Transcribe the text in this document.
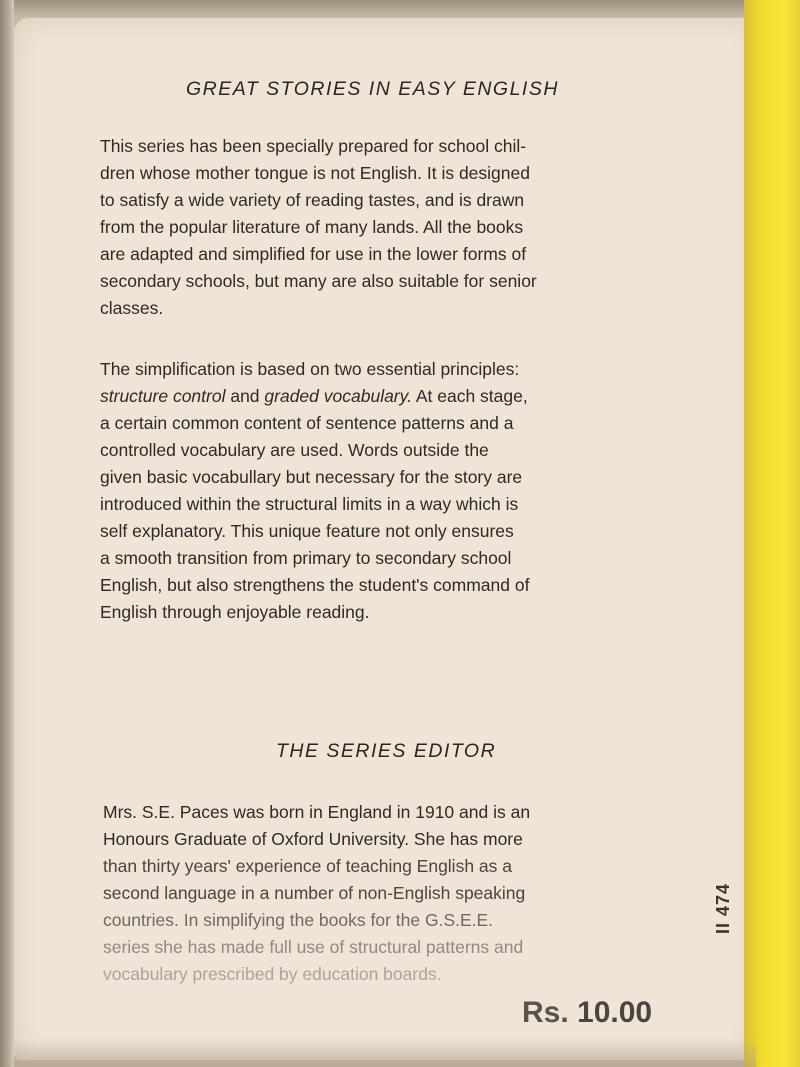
GREAT STORIES IN EASY ENGLISH
This series has been specially prepared for school chil-
dren whose mother tongue is not English. It is designed
to satisfy a wide variety of reading tastes, and is drawn
from the popular literature of many lands. All the books
are adapted and simplified for use in the lower forms of
secondary schools, but many are also suitable for senior
classes.
The simplification is based on two essential principles:
structure control and graded vocabulary. At each stage,
a certain common content of sentence patterns and a
controlled vocabulary are used. Words outside the
given basic vocabullary but necessary for the story are
introduced within the structural limits in a way which is
self explanatory. This unique feature not only ensures
a smooth transition from primary to secondary school
English, but also strengthens the student's command of
English through enjoyable reading.
THE SERIES EDITOR
Mrs. S.E. Paces was born in England in 1910 and is an
Honours Graduate of Oxford University. She has more
than thirty years' experience of teaching English as a
second language in a number of non-English speaking
countries. In simplifying the books for the G.S.E.E.
series she has made full use of structural patterns and
vocabulary prescribed by education boards.
Rs. 10.00
II 474
